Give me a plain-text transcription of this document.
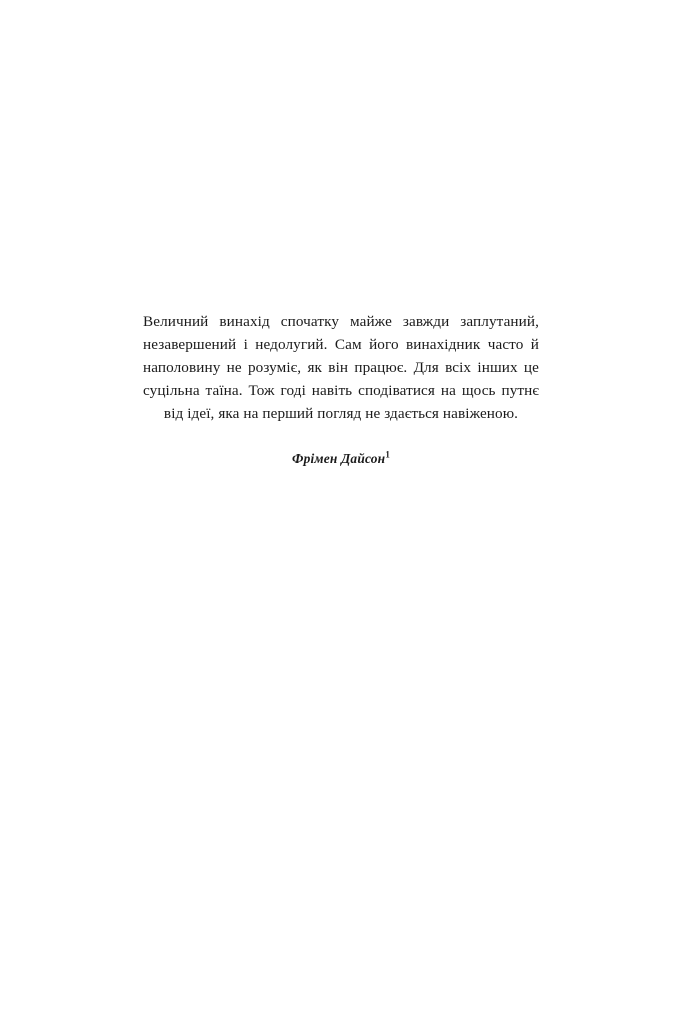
Величний винахід спочатку майже завжди заплутаний, незавершений і недолугий. Сам його винахідник часто й наполовину не розуміє, як він працює. Для всіх інших це суцільна таїна. Тож годі навіть сподіватися на щось путнє від ідеї, яка на перший погляд не здається навіженою.
Фрімен Дайсон$^1$
